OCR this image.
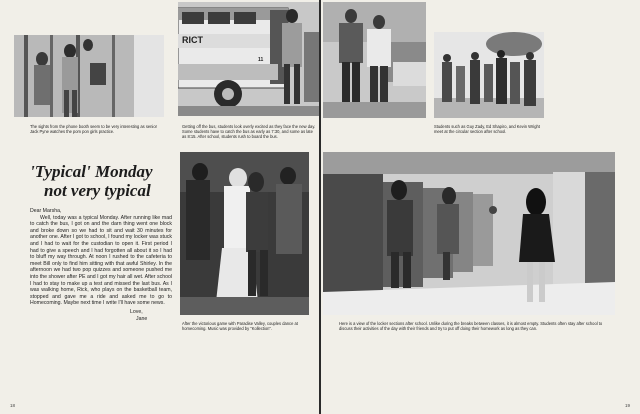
The sights from the phone booth seem to be very interesting as senior Jack Pyne watches the pom pon girls practice.
RICT
11
Getting off the bus, students look overly excited as they face the new day. Some students have to catch the bus as early as 7:30, and some as late as 8:15. After school, students rush to board the bus.
'Typical' Monday
not very typical
Dear Marsha,
Well, today was a typical Monday. After running like mad to catch the bus, I got on and the darn thing went one block and broke down so we had to sit and wait 30 minutes for another one. After I got to school, I found my locker was stuck and I had to wait for the custodian to open it. First period I had to give a speech and I had forgotten all about it so I had to bluff my way through. At noon I rushed to the cafeteria to meet Bill only to find him sitting with that awful Shirley. In the afternoon we had two pop quizzes and someone pushed me into the shower after PE and I got my hair all wet. After school I had to stay to make up a test and missed the last bus. As I was walking home, Rick, who plays on the basketball team, stopped and gave me a ride and asked me to go to Homecoming. Maybe next time I write I'll have some news.
Love,
Jane
After the victorious game with Paradise Valley, couples dance at homecoming. Music was provided by "Kollection".
18
Students such as Guy Zady, Ed Shapiro, and Kevin Wright meet at the circular section after school.
Here is a view of the locker sections after school. Unlike during the breaks between classes, it is almost empty. Students often stay after school to discuss their activities of the day with their friends and try to put off doing their homework as long as they can.
19
